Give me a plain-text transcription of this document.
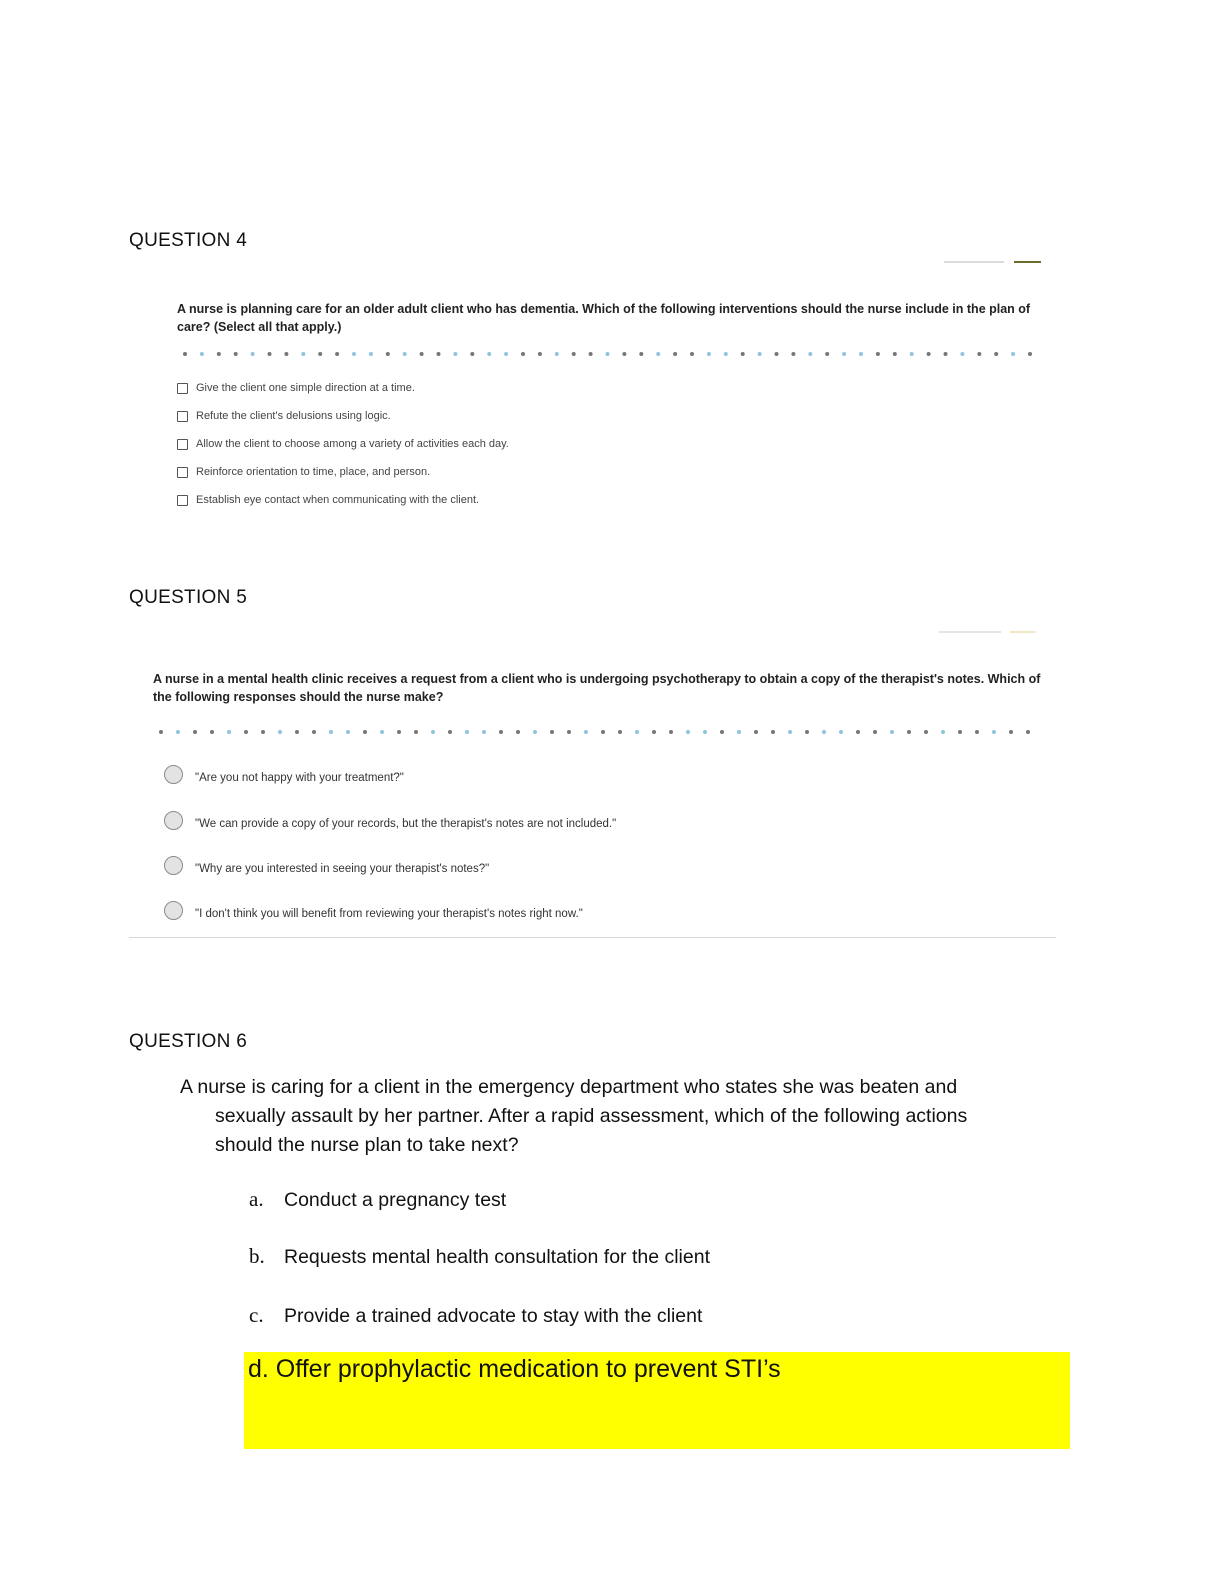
QUESTION 4
A nurse is planning care for an older adult client who has dementia. Which of the following interventions should the nurse include in the plan of care? (Select all that apply.)
Give the client one simple direction at a time.
Refute the client's delusions using logic.
Allow the client to choose among a variety of activities each day.
Reinforce orientation to time, place, and person.
Establish eye contact when communicating with the client.
QUESTION 5
A nurse in a mental health clinic receives a request from a client who is undergoing psychotherapy to obtain a copy of the therapist's notes. Which of the following responses should the nurse make?
"Are you not happy with your treatment?"
"We can provide a copy of your records, but the therapist's notes are not included."
"Why are you interested in seeing your therapist's notes?"
"I don't think you will benefit from reviewing your therapist's notes right now."
QUESTION 6
A nurse is caring for a client in the emergency department who states she was beaten and
sexually assault by her partner. After a rapid assessment, which of the following actions should the nurse plan to take next?
a.	Conduct a pregnancy test
b. Requests mental health consultation for the client
c.	Provide a trained advocate to stay with the client
d. Offer prophylactic medication to prevent STI’s
